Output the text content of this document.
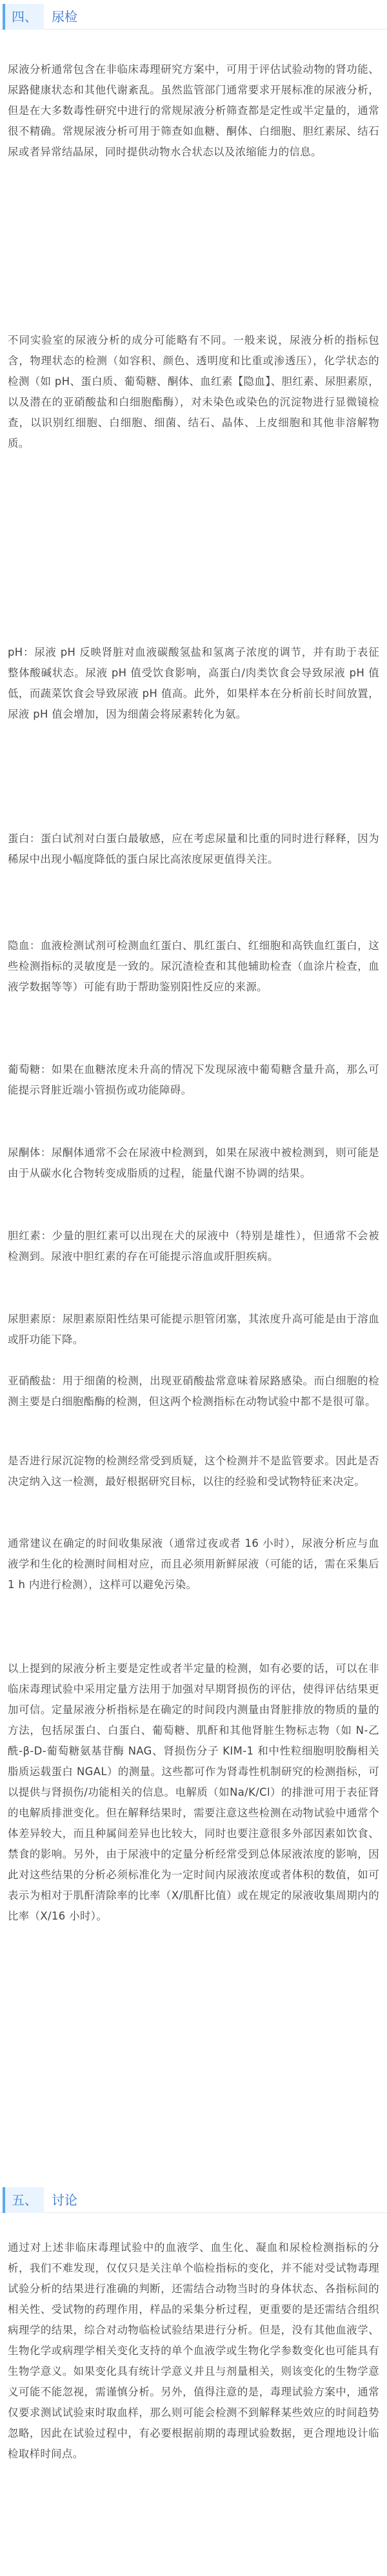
四、	尿检

尿液分析通常包含在非临床毒理研究方案中，可用于评估试验动物的肾功能、尿路健康状态和其他代谢紊乱。虽然监管部门通常要求开展标准的尿液分析，但是在大多数毒性研究中进行的常规尿液分析筛查都是定性或半定量的，通常很不精确。常规尿液分析可用于筛查如血糖、酮体、白细胞、胆红素尿、结石尿或者异常结晶尿，同时提供动物水合状态以及浓缩能力的信息。

不同实验室的尿液分析的成分可能略有不同。一般来说，尿液分析的指标包含，物理状态的检测（如容积、颜色、透明度和比重或渗透压），化学状态的检测（如 pH、蛋白质、葡萄糖、酮体、血红素【隐血】、胆红素、尿胆素原，以及潜在的亚硝酸盐和白细胞酯酶），对未染色或染色的沉淀物进行显微镜检查，以识别红细胞、白细胞、细菌、结石、晶体、上皮细胞和其他非溶解物质。

pH：尿液 pH 反映肾脏对血液碳酸氢盐和氢离子浓度的调节，并有助于表征整体酸碱状态。尿液 pH 值受饮食影响，高蛋白/肉类饮食会导致尿液 pH 值低，而蔬菜饮食会导致尿液 pH 值高。此外，如果样本在分析前长时间放置，尿液 pH 值会增加，因为细菌会将尿素转化为氨。

蛋白：蛋白试剂对白蛋白最敏感，应在考虑尿量和比重的同时进行释释，因为稀尿中出现小幅度降低的蛋白尿比高浓度尿更值得关注。

隐血：血液检测试剂可检测血红蛋白、肌红蛋白、红细胞和高铁血红蛋白，这些检测指标的灵敏度是一致的。尿沉渣检查和其他辅助检查（血涂片检查，血液学数据等等）可能有助于帮助鉴别阳性反应的来源。

葡萄糖：如果在血糖浓度未升高的情况下发现尿液中葡萄糖含量升高，那么可能提示肾脏近端小管损伤或功能障碍。

尿酮体：尿酮体通常不会在尿液中检测到，如果在尿液中被检测到，则可能是由于从碳水化合物转变成脂质的过程，能量代谢不协调的结果。

胆红素：少量的胆红素可以出现在犬的尿液中（特别是雄性），但通常不会被检测到。尿液中胆红素的存在可能提示溶血或肝胆疾病。

尿胆素原：尿胆素原阳性结果可能提示胆管闭塞，其浓度升高可能是由于溶血或肝功能下降。

亚硝酸盐：用于细菌的检测，出现亚硝酸盐常意味着尿路感染。而白细胞的检测主要是白细胞酯酶的检测，但这两个检测指标在动物试验中都不是很可靠。

是否进行尿沉淀物的检测经常受到质疑，这个检测并不是监管要求。因此是否决定纳入这一检测，最好根据研究目标，以往的经验和受试物特征来决定。

通常建议在确定的时间收集尿液（通常过夜或者 16 小时），尿液分析应与血液学和生化的检测时间相对应，而且必须用新鲜尿液（可能的话，需在采集后 1 h 内进行检测），这样可以避免污染。

以上提到的尿液分析主要是定性或者半定量的检测，如有必要的话，可以在非临床毒理试验中采用定量方法用于加强对早期肾损伤的评估，使得评估结果更加可信。定量尿液分析指标是在确定的时间段内测量由肾脏排放的物质的量的方法，包括尿蛋白、白蛋白、葡萄糖、肌酐和其他肾脏生物标志物（如 N-乙酰-β-D-葡萄糖氨基苷酶 NAG、肾损伤分子 KIM-1 和中性粒细胞明胶酶相关脂质运载蛋白 NGAL）的测量。这些都可作为肾毒性机制研究的检测指标，可以提供与肾损伤/功能相关的信息。电解质（如Na/K/Cl）的排泄可用于表征肾的电解质排泄变化。但在解释结果时，需要注意这些检测在动物试验中通常个体差异较大，而且种属间差异也比较大，同时也要注意很多外部因素如饮食、禁食的影响。另外，由于尿液中的定量分析经常受到总体尿液浓度的影响，因此对这些结果的分析必须标准化为一定时间内尿液浓度或者体积的数值，如可表示为相对于肌酐清除率的比率（X/肌酐比值）或在规定的尿液收集周期内的比率（X/16 小时）。

五、	讨论

通过对上述非临床毒理试验中的血液学、血生化、凝血和尿检检测指标的分析，我们不难发现，仅仅只是关注单个临检指标的变化，并不能对受试物毒理试验分析的结果进行准确的判断，还需结合动物当时的身体状态、各指标间的相关性、受试物的药理作用，样品的采集分析过程，更重要的是还需结合组织病理学的结果，综合对动物临检试验结果进行分析。但是，没有其他血液学、生物化学或病理学相关变化支持的单个血液学或生物化学参数变化也可能具有生物学意义。如果变化具有统计学意义并且与剂量相关，则该变化的生物学意义可能不能忽视，需谨慎分析。另外，值得注意的是，毒理试验方案中，通常仅要求测试试验束时取血样，那么则可能会检测不到解释某些效应的时间趋势忽略，因此在试验过程中，有必要根据前期的毒理试验数据，更合理地设计临检取样时间点。
